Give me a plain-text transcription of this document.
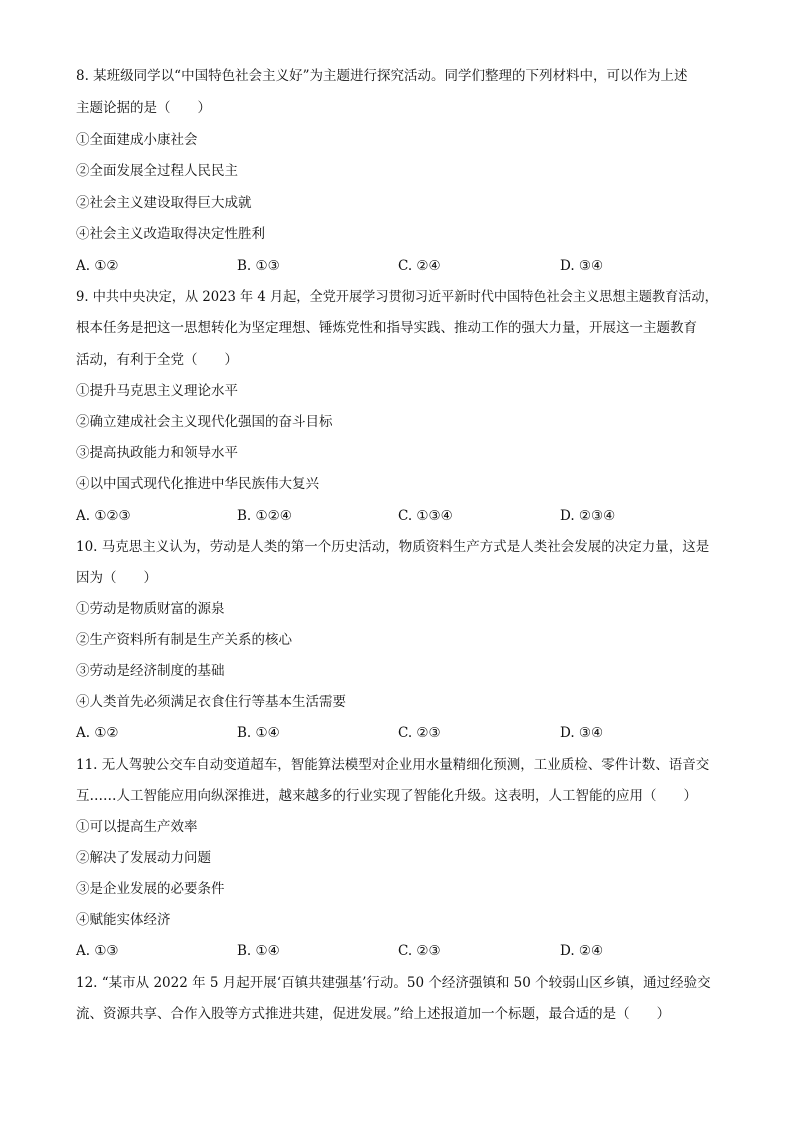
8. 某班级同学以“中国特色社会主义好”为主题进行探究活动。同学们整理的下列材料中，可以作为上述
主题论据的是（　　）
①全面建成小康社会
②全面发展全过程人民民主
②社会主义建设取得巨大成就
④社会主义改造取得决定性胜利
A. ①②	B. ①③	C. ②④	D. ③④
9. 中共中央决定，从 2023 年 4 月起，全党开展学习贯彻习近平新时代中国特色社会主义思想主题教育活动，
根本任务是把这一思想转化为坚定理想、锤炼党性和指导实践、推动工作的强大力量，开展这一主题教育
活动，有利于全党（　　）
①提升马克思主义理论水平
②确立建成社会主义现代化强国的奋斗目标
③提高执政能力和领导水平
④以中国式现代化推进中华民族伟大复兴
A. ①②③	B. ①②④	C. ①③④	D. ②③④
10. 马克思主义认为，劳动是人类的第一个历史活动，物质资料生产方式是人类社会发展的决定力量，这是
因为（　　）
①劳动是物质财富的源泉
②生产资料所有制是生产关系的核心
③劳动是经济制度的基础
④人类首先必须满足衣食住行等基本生活需要
A. ①②	B. ①④	C. ②③	D. ③④
11. 无人驾驶公交车自动变道超车，智能算法模型对企业用水量精细化预测，工业质检、零件计数、语音交
互……人工智能应用向纵深推进，越来越多的行业实现了智能化升级。这表明，人工智能的应用（　　）
①可以提高生产效率
②解决了发展动力问题
③是企业发展的必要条件
④赋能实体经济
A. ①③	B. ①④	C. ②③	D. ②④
12. “某市从 2022 年 5 月起开展‘百镇共建强基’行动。50 个经济强镇和 50 个较弱山区乡镇，通过经验交
流、资源共享、合作入股等方式推进共建，促进发展。”给上述报道加一个标题，最合适的是（　　）
